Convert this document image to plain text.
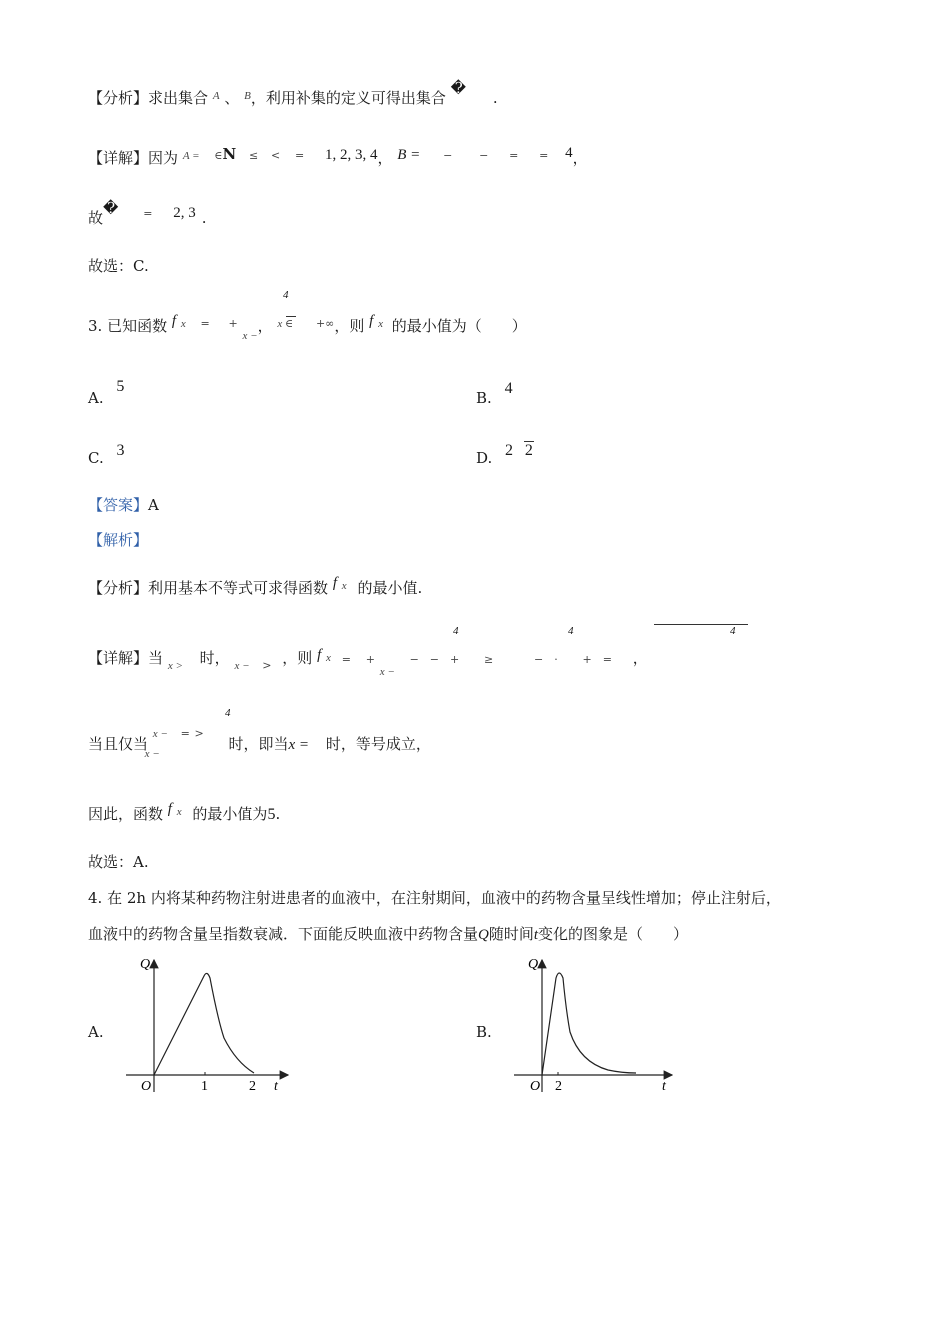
【分析】求出集合 $^A$ 、 $^B$，利用补集的定义可得出集合 � .
【详解】因为 $^{A =}$ ∈N ≤ < = 1, 2, 3, 4， B = − − = = 4，
故� = 2, 3 .
故选：C.
3. 已知函数 f $^x$ = + $_{x -}$， $^{x \in}$ +∞，则 f $^x$ 的最小值为（　　）
4
A. 5
B. 4
C. 3	D. 2 2
【答案】A
【解析】
【分析】利用基本不等式可求得函数 f $^x$ 的最小值.
【详解】当 $_{x >}$ 时， $_{x -}$ $_>$ ，则 f x = + $_{x -}$ −　−　+ ≥	−　· +　= ，
4	4	4
当且仅当 $^{x -}$ = $_{x -}$ > 时，即当x = 时，等号成立，
4
因此，函数 f $^x$ 的最小值为5.
故选：A.
4. 在 2h 内将某种药物注射进患者的血液中，在注射期间，血液中的药物含量呈线性增加；停止注射后，
血液中的药物含量呈指数衰减．下面能反映血液中药物含量Q随时间t变化的图象是（　　）
A.	B.
Q
t
O	1	2
Q
t
O 2
